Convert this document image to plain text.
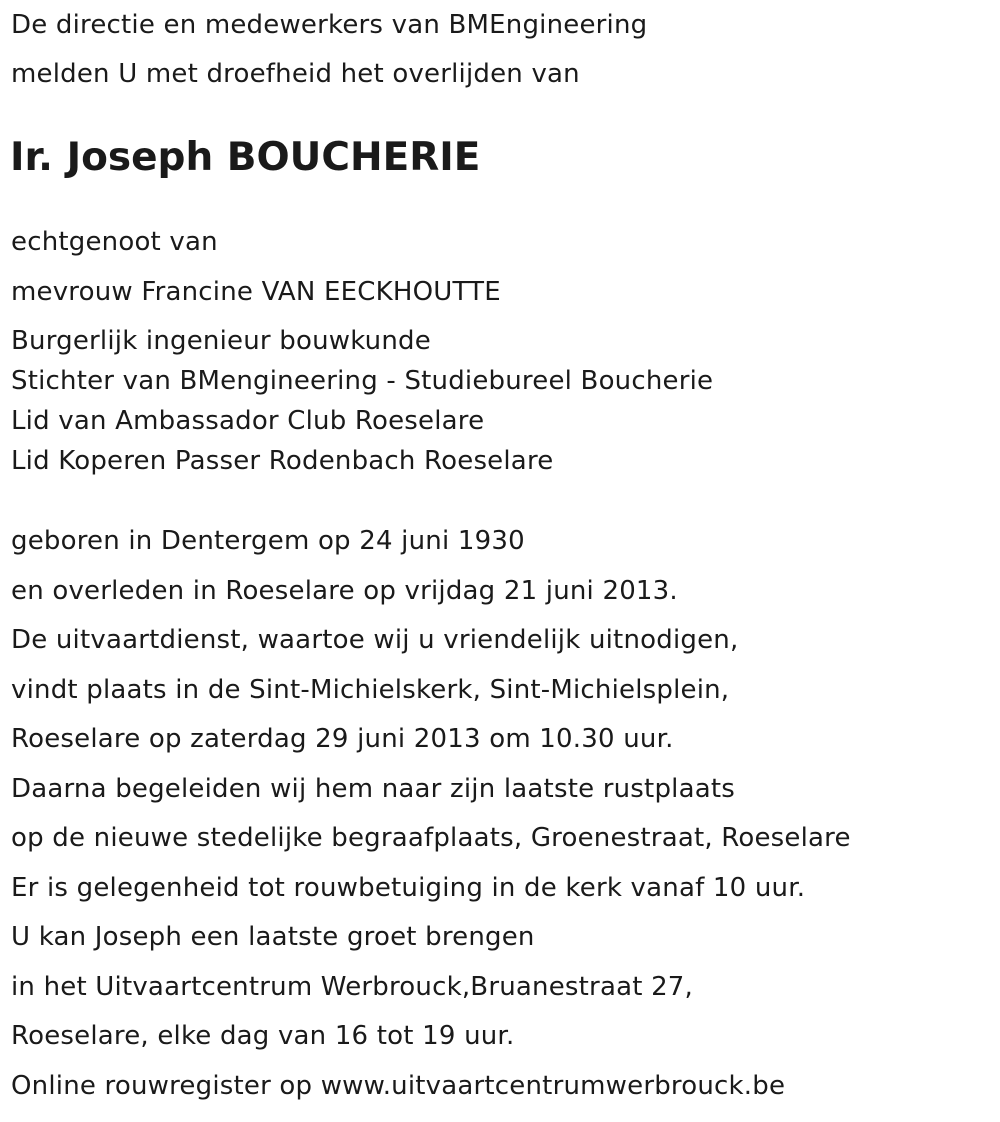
De directie en medewerkers van BMEngineering
melden U met droefheid het overlijden van
Ir. Joseph BOUCHERIE
echtgenoot van
mevrouw Francine VAN EECKHOUTTE
Burgerlijk ingenieur bouwkunde
Stichter van BMengineering - Studiebureel Boucherie
Lid van Ambassador Club Roeselare
Lid Koperen Passer Rodenbach Roeselare
geboren in Dentergem op 24 juni 1930
en overleden in Roeselare op vrijdag 21 juni 2013.
De uitvaartdienst, waartoe wij u vriendelijk uitnodigen,
vindt plaats in de Sint-Michielskerk, Sint-Michielsplein,
Roeselare op zaterdag 29 juni 2013 om 10.30 uur.
Daarna begeleiden wij hem naar zijn laatste rustplaats
op de nieuwe stedelijke begraafplaats, Groenestraat, Roeselare
Er is gelegenheid tot rouwbetuiging in de kerk vanaf 10 uur.
U kan Joseph een laatste groet brengen
in het Uitvaartcentrum Werbrouck,Bruanestraat 27,
Roeselare, elke dag van 16 tot 19 uur.
Online rouwregister op www.uitvaartcentrumwerbrouck.be
